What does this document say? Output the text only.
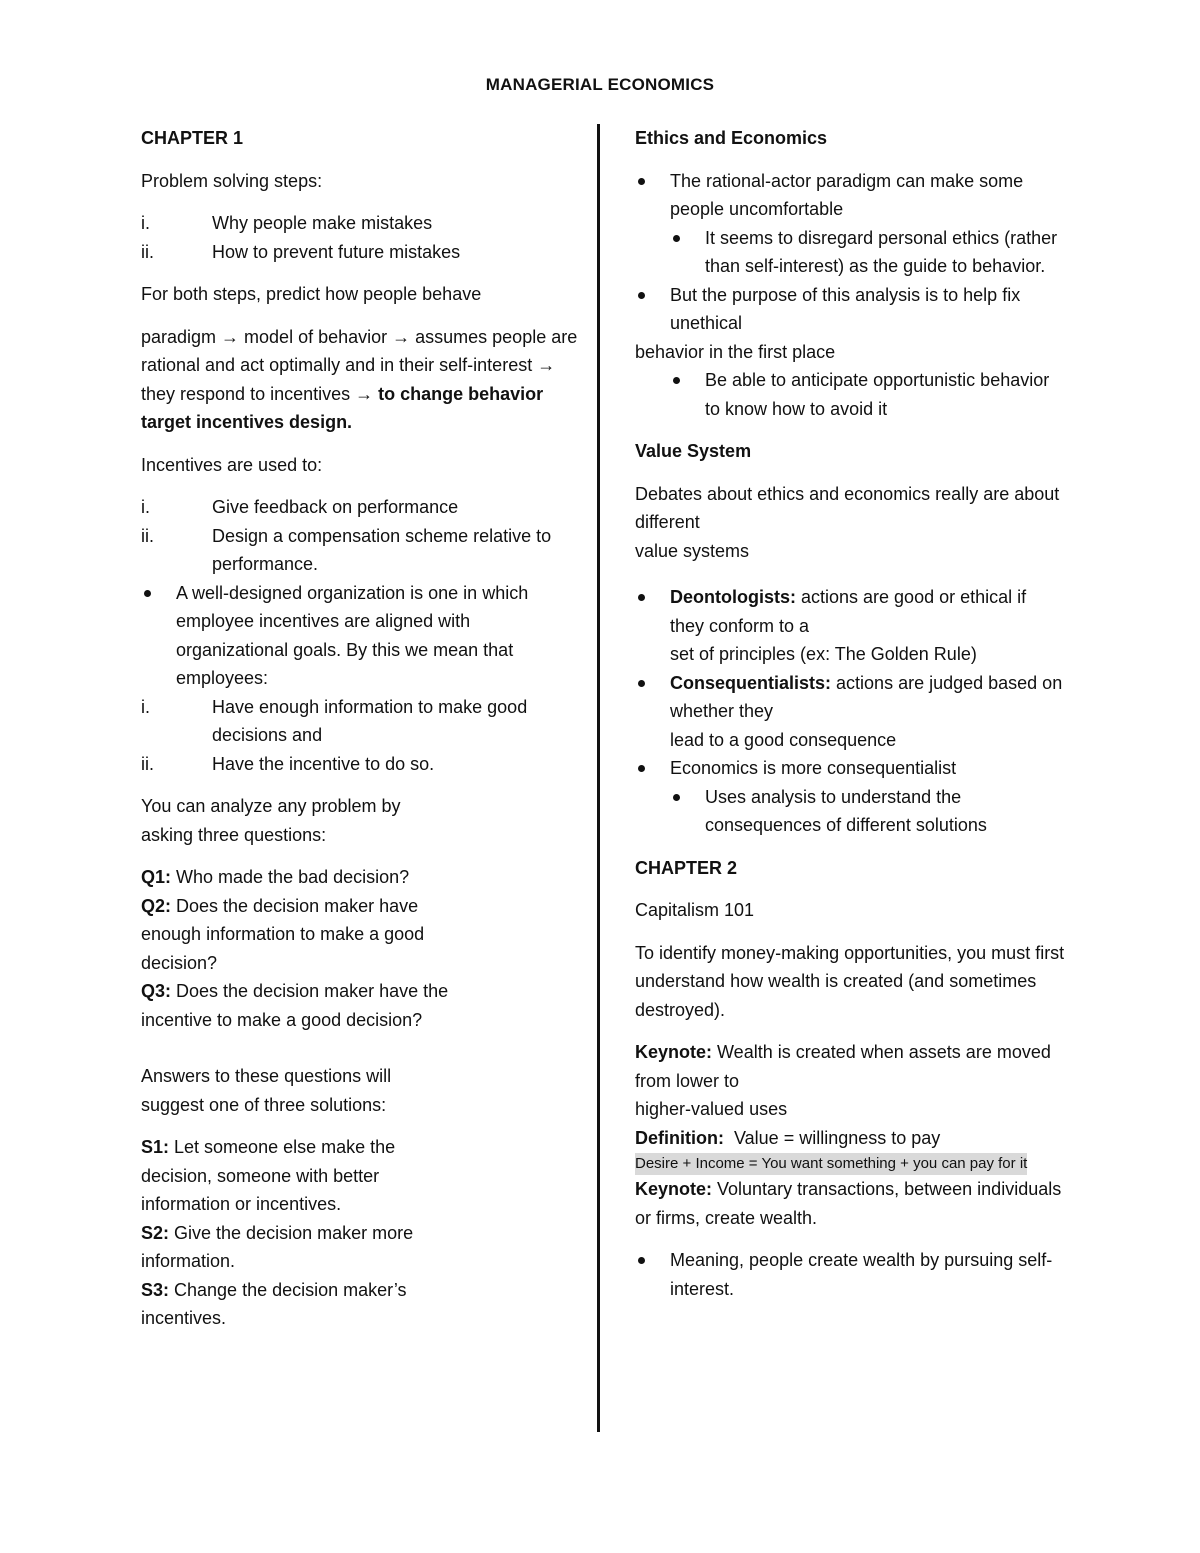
MANAGERIAL ECONOMICS

CHAPTER 1

Problem solving steps:

i.	Why people make mistakes
ii.	How to prevent future mistakes

For both steps, predict how people behave

paradigm → model of behavior → assumes people are rational and act optimally and in their self-interest → they respond to incentives → to change behavior target incentives design.

Incentives are used to:

i.	Give feedback on performance
ii.	Design a compensation scheme relative to performance.
A well-designed organization is one in which employee incentives are aligned with organizational goals. By this we mean that employees:
i.	Have enough information to make good decisions and
ii.	Have the incentive to do so.

You can analyze any problem by asking three questions:

Q1: Who made the bad decision?
Q2: Does the decision maker have enough information to make a good decision?
Q3: Does the decision maker have the incentive to make a good decision?

Answers to these questions will suggest one of three solutions:

S1: Let someone else make the decision, someone with better information or incentives.
S2: Give the decision maker more information.
S3: Change the decision maker’s incentives.

Ethics and Economics

The rational-actor paradigm can make some people uncomfortable
It seems to disregard personal ethics (rather than self-interest) as the guide to behavior.
But the purpose of this analysis is to help fix unethical
behavior in the first place
Be able to anticipate opportunistic behavior to know how to avoid it

Value System

Debates about ethics and economics really are about different
value systems

Deontologists: actions are good or ethical if they conform to a
set of principles (ex: The Golden Rule)
Consequentialists: actions are judged based on whether they
lead to a good consequence
Economics is more consequentialist
Uses analysis to understand the consequences of different solutions

CHAPTER 2

Capitalism 101

To identify money-making opportunities, you must first understand how wealth is created (and sometimes destroyed).

Keynote: Wealth is created when assets are moved from lower to
higher-valued uses

Definition:  Value = willingness to pay

Desire + Income = You want something + you can pay for it

Keynote: Voluntary transactions, between individuals or firms, create wealth.

Meaning, people create wealth by pursuing self-interest.
